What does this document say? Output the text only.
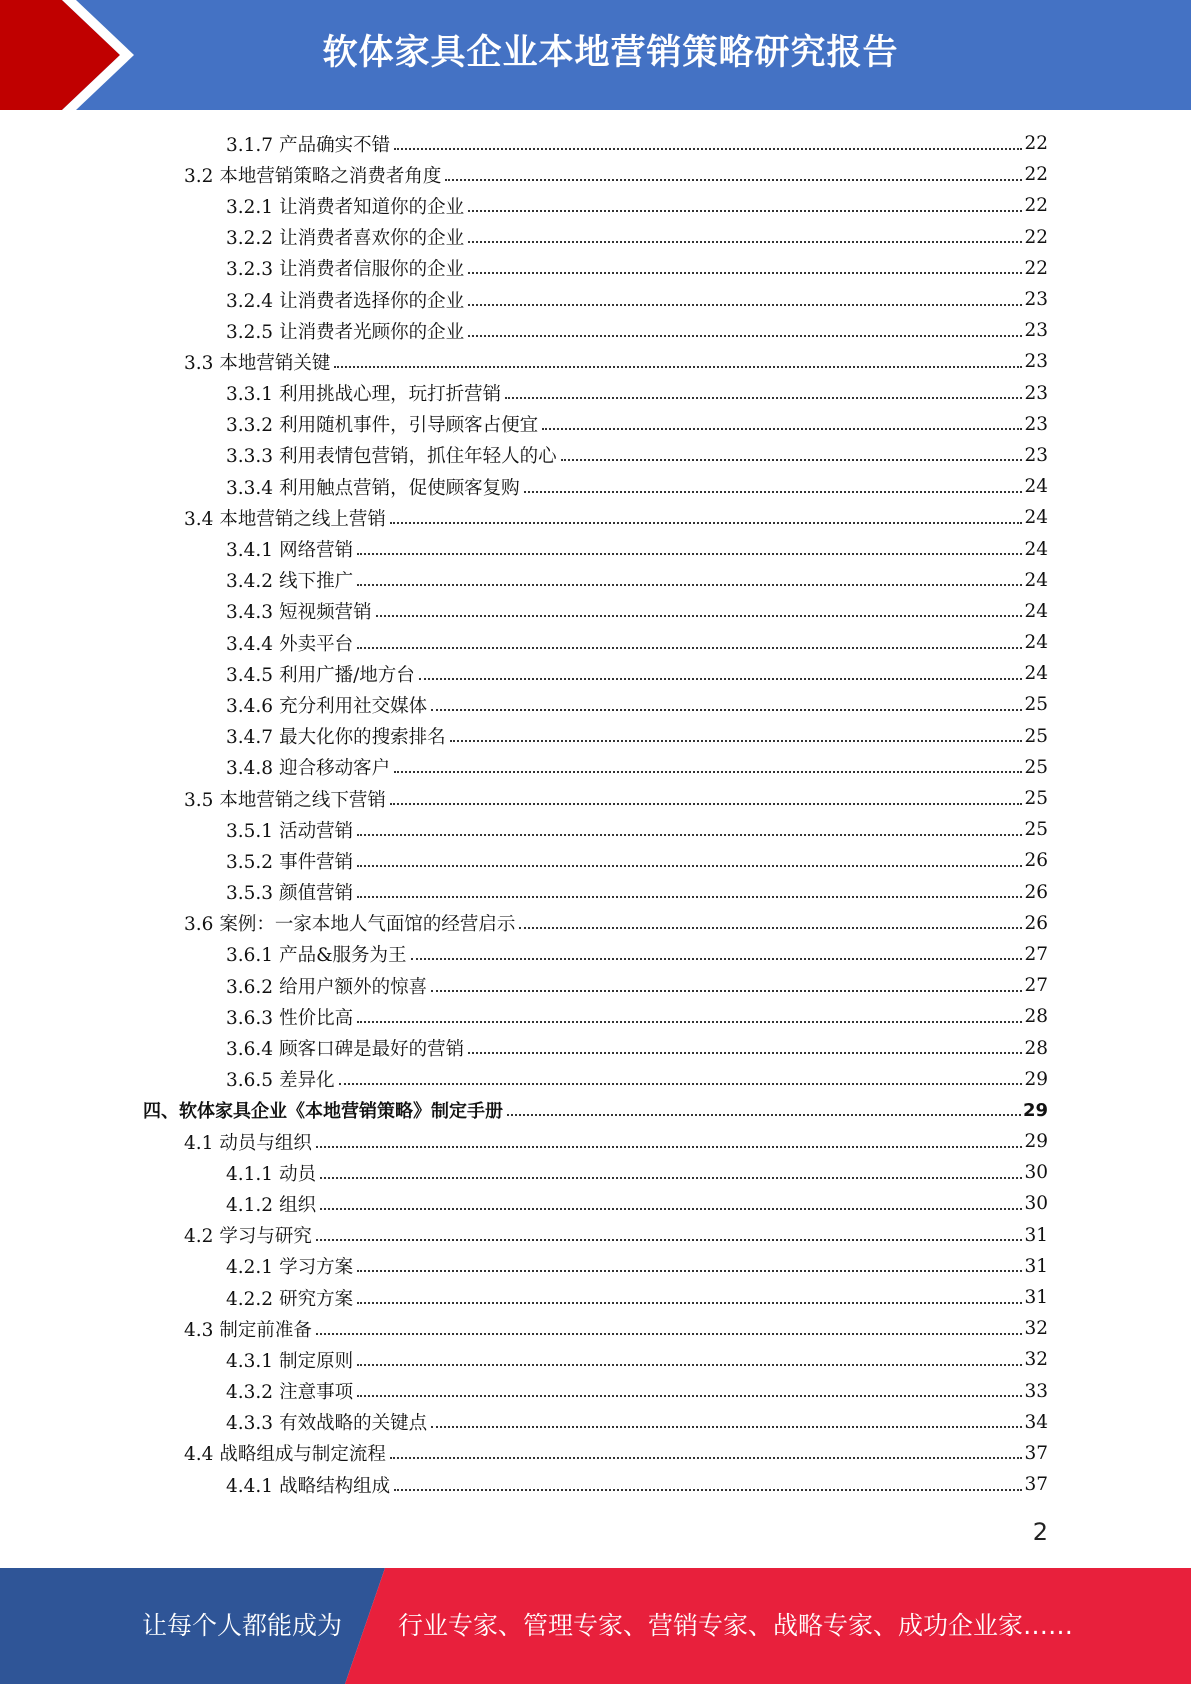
软体家具企业本地营销策略研究报告
3.1.7 产品确实不错	22
3.2 本地营销策略之消费者角度	22
3.2.1 让消费者知道你的企业	22
3.2.2 让消费者喜欢你的企业	22
3.2.3 让消费者信服你的企业	22
3.2.4 让消费者选择你的企业	23
3.2.5 让消费者光顾你的企业	23
3.3 本地营销关键	23
3.3.1 利用挑战心理，玩打折营销	23
3.3.2 利用随机事件，引导顾客占便宜	23
3.3.3 利用表情包营销，抓住年轻人的心	23
3.3.4 利用触点营销，促使顾客复购	24
3.4 本地营销之线上营销	24
3.4.1 网络营销	24
3.4.2 线下推广	24
3.4.3 短视频营销	24
3.4.4 外卖平台	24
3.4.5 利用广播/地方台	24
3.4.6 充分利用社交媒体	25
3.4.7 最大化你的搜索排名	25
3.4.8 迎合移动客户	25
3.5 本地营销之线下营销	25
3.5.1 活动营销	25
3.5.2 事件营销	26
3.5.3 颜值营销	26
3.6 案例：一家本地人气面馆的经营启示	26
3.6.1 产品&服务为王	27
3.6.2 给用户额外的惊喜	27
3.6.3 性价比高	28
3.6.4 顾客口碑是最好的营销	28
3.6.5 差异化	29
四、软体家具企业《本地营销策略》制定手册	29
4.1 动员与组织	29
4.1.1 动员	30
4.1.2 组织	30
4.2 学习与研究	31
4.2.1 学习方案	31
4.2.2 研究方案	31
4.3 制定前准备	32
4.3.1 制定原则	32
4.3.2 注意事项	33
4.3.3 有效战略的关键点	34
4.4 战略组成与制定流程	37
4.4.1 战略结构组成	37
2
让每个人都能成为 行业专家、管理专家、营销专家、战略专家、成功企业家……
